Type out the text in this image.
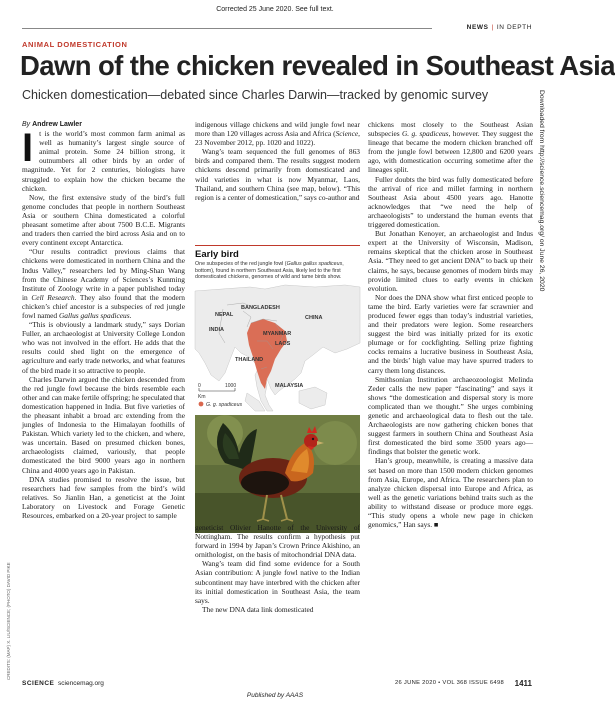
Corrected 25 June 2020. See full text.
NEWS | IN DEPTH
ANIMAL DOMESTICATION
Dawn of the chicken revealed in Southeast Asia
Chicken domestication—debated since Charles Darwin—tracked by genomic survey

By Andrew Lawler

It is the world’s most common farm animal as well as humanity’s largest single source of animal protein. Some 24 billion strong, it outnumbers all other birds by an order of magnitude. Yet for 2 centuries, biologists have struggled to explain how the chicken became the chicken.

Now, the first extensive study of the bird’s full genome concludes that people in northern Southeast Asia or southern China domesticated a colorful pheasant sometime after about 7500 B.C.E. Migrants and traders then carried the bird across Asia and on to every continent except Antarctica.

“Our results contradict previous claims that chickens were domesticated in northern China and the Indus Valley,” researchers led by Ming-Shan Wang from the Chinese Academy of Sciences’s Kunming Institute of Zoology write in a paper published today in Cell Research. They also found that the modern chicken’s chief ancestor is a subspecies of red jungle fowl named Gallus gallus spadiceus.

“This is obviously a landmark study,” says Dorian Fuller, an archaeologist at University College London who was not involved in the effort. He adds that the results could shed light on the emergence of agriculture and early trade networks, and what features of the bird made it so attractive to people.

Charles Darwin argued the chicken descended from the red jungle fowl because the birds resemble each other and can make fertile offspring; he speculated that domestication happened in India. But five varieties of the pheasant inhabit a broad arc extending from the jungles of Indonesia to the Himalayan foothills of Pakistan. Which variety led to the chicken, and where, was uncertain. Based on presumed chicken bones, archaeologists claimed, variously, that people domesticated the bird 9000 years ago in northern China and 4000 years ago in Pakistan.

DNA studies promised to resolve the issue, but researchers had few samples from the bird’s wild relatives. So Jianlin Han, a geneticist at the Joint Laboratory on Livestock and Forage Genetic Resources, embarked on a 20-year project to sample

indigenous village chickens and wild jungle fowl near more than 120 villages across Asia and Africa (Science, 23 November 2012, pp. 1020 and 1022).

Wang’s team sequenced the full genomes of 863 birds and compared them. The results suggest modern chickens descend primarily from domesticated and wild varieties in what is now Myanmar, Laos, Thailand, and southern China (see map, below). “This region is a center of domestication,” says co-author and

Early bird
One subspecies of the red jungle fowl (Gallus gallus spadiceus, bottom), found in northern Southeast Asia, likely led to the first domesticated chickens, genomes of wild and tame birds show.
BANGLADESH
NEPAL	CHINA
INDIA
MYANMAR
LAOS
THAILAND
MALAYSIA
0	1000
Km
G. g. spadiceus

geneticist Olivier Hanotte of the University of Nottingham. The results confirm a hypothesis put forward in 1994 by Japan’s Crown Prince Akishino, an ornithologist, on the basis of mitochondrial DNA data.

Wang’s team did find some evidence for a South Asian contribution: A jungle fowl native to the Indian subcontinent may have interbred with the chicken after its initial domestication in Southeast Asia, the team says.

The new DNA data link domesticated

chickens most closely to the Southeast Asian subspecies G. g. spadiceus, however. They suggest the lineage that became the modern chicken branched off from the jungle fowl between 12,800 and 6200 years ago, with domestication occurring sometime after the lineages split.

Fuller doubts the bird was fully domesticated before the arrival of rice and millet farming in northern Southeast Asia about 4500 years ago. Hanotte acknowledges that “we need the help of archaeologists” to understand the human events that triggered domestication.

But Jonathan Kenoyer, an archaeologist and Indus expert at the University of Wisconsin, Madison, remains skeptical that the chicken arose in Southeast Asia. “They need to get ancient DNA” to back up their claims, he says, because genomes of modern birds may provide limited clues to early events in chicken evolution.

Nor does the DNA show what first enticed people to tame the bird. Early varieties were far scrawnier and produced fewer eggs than today’s industrial varieties, and their predators were legion. Some researchers suggest the bird was initially prized for its exotic plumage or for cockfighting. Selling prize fighting cocks remains a lucrative business in Southeast Asia, and the birds’ high value may have spurred traders to carry them long distances.

Smithsonian Institution archaeozoologist Melinda Zeder calls the new paper “fascinating” and says it shows “the domestication and dispersal story is more complicated than we thought.” She urges combining genetic and archaeological data to flesh out the tale. Archaeologists are now gathering chicken bones that suggest farmers in southern China and Southeast Asia first domesticated the bird some 3500 years ago—findings that bolster the genetic work.

Han’s group, meanwhile, is creating a massive data set based on more than 1500 modern chicken genomes from Asia, Europe, and Africa. The researchers plan to analyze chicken dispersal into Europe and Africa, as well as the genetic variations behind traits such as the ability to withstand disease or produce more eggs. “This study opens a whole new page in chicken genomics,” Han says. ■

Downloaded from http://science.sciencemag.org/ on June 26, 2020
CREDITS: (MAP) X. LIU/SCIENCE; (PHOTO) DAVID PIKE
SCIENCE sciencemag.org	26 JUNE 2020 • VOL 368 ISSUE 6498 1411
Published by AAAS
